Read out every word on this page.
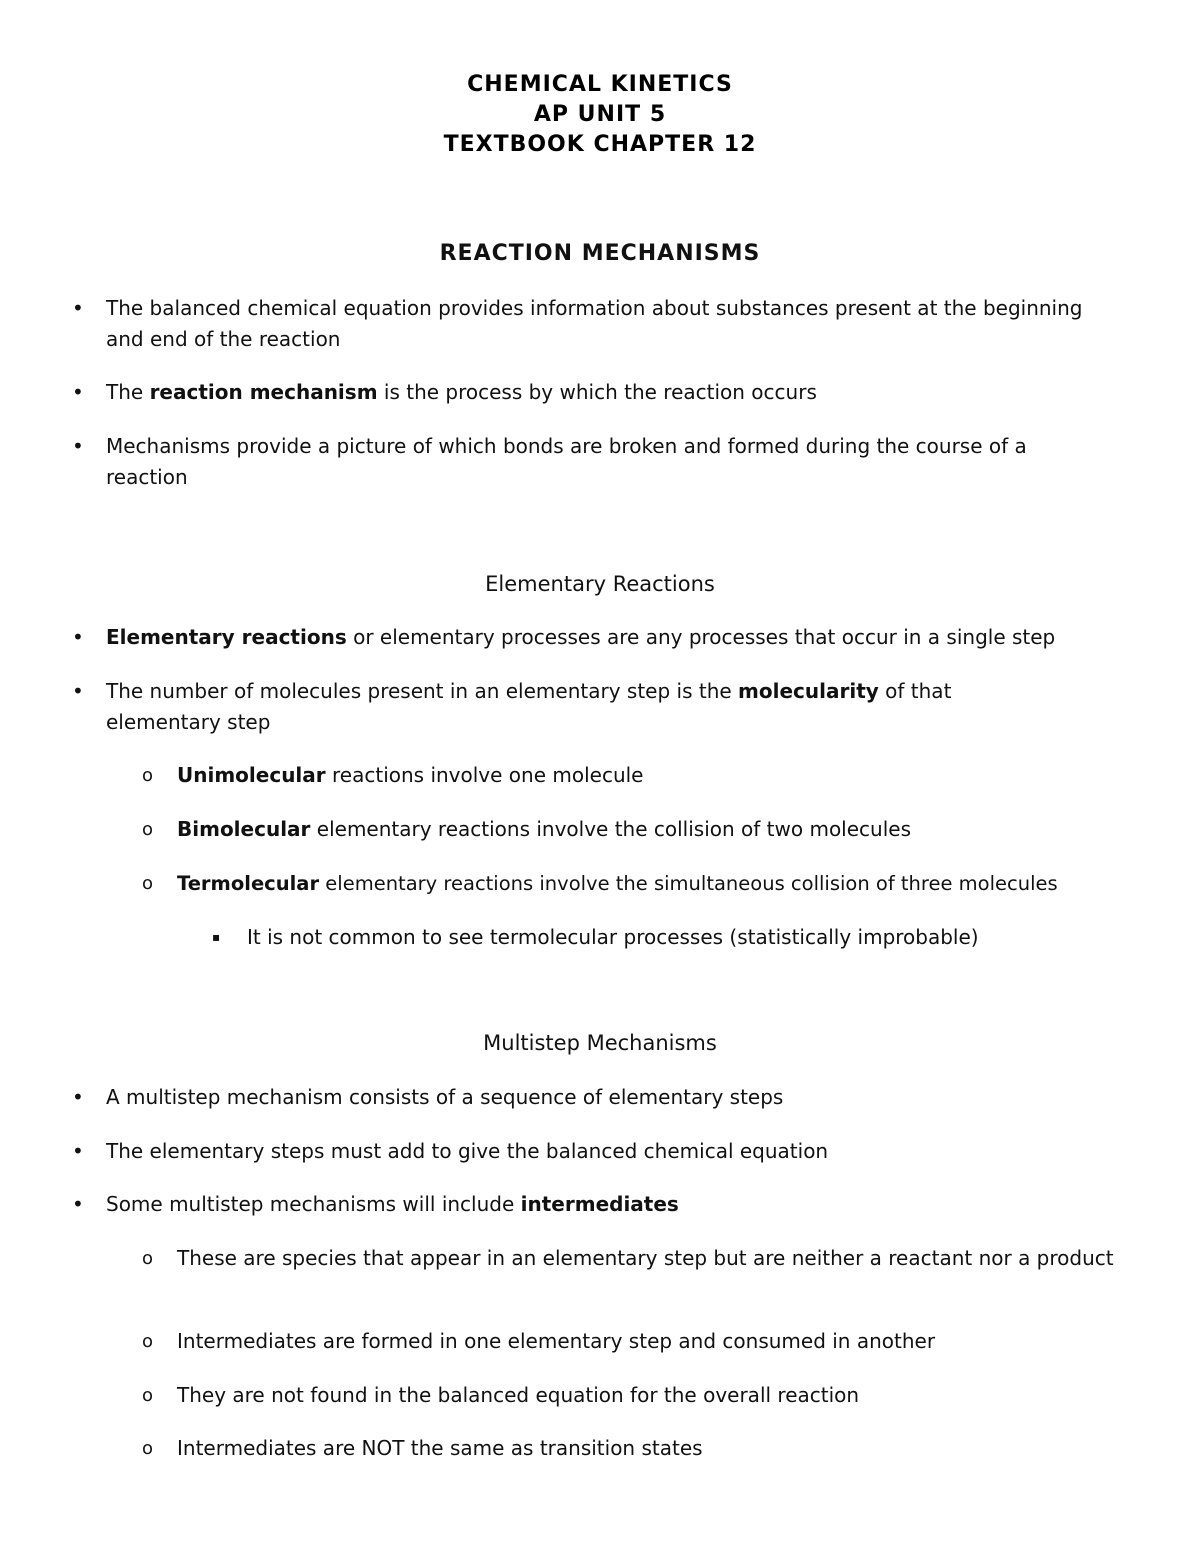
CHEMICAL KINETICS
AP UNIT 5
TEXTBOOK CHAPTER 12
REACTION MECHANISMS
• The balanced chemical equation provides information about substances present at the beginning and end of the reaction
• The reaction mechanism is the process by which the reaction occurs
• Mechanisms provide a picture of which bonds are broken and formed during the course of a reaction
Elementary Reactions
• Elementary reactions or elementary processes are any processes that occur in a single step
• The number of molecules present in an elementary step is the molecularity of that elementary step
o Unimolecular reactions involve one molecule
o Bimolecular elementary reactions involve the collision of two molecules
o Termolecular elementary reactions involve the simultaneous collision of three molecules
▪ It is not common to see termolecular processes (statistically improbable)
Multistep Mechanisms
• A multistep mechanism consists of a sequence of elementary steps
• The elementary steps must add to give the balanced chemical equation
• Some multistep mechanisms will include intermediates
o These are species that appear in an elementary step but are neither a reactant nor a product
o Intermediates are formed in one elementary step and consumed in another
o They are not found in the balanced equation for the overall reaction
o Intermediates are NOT the same as transition states
